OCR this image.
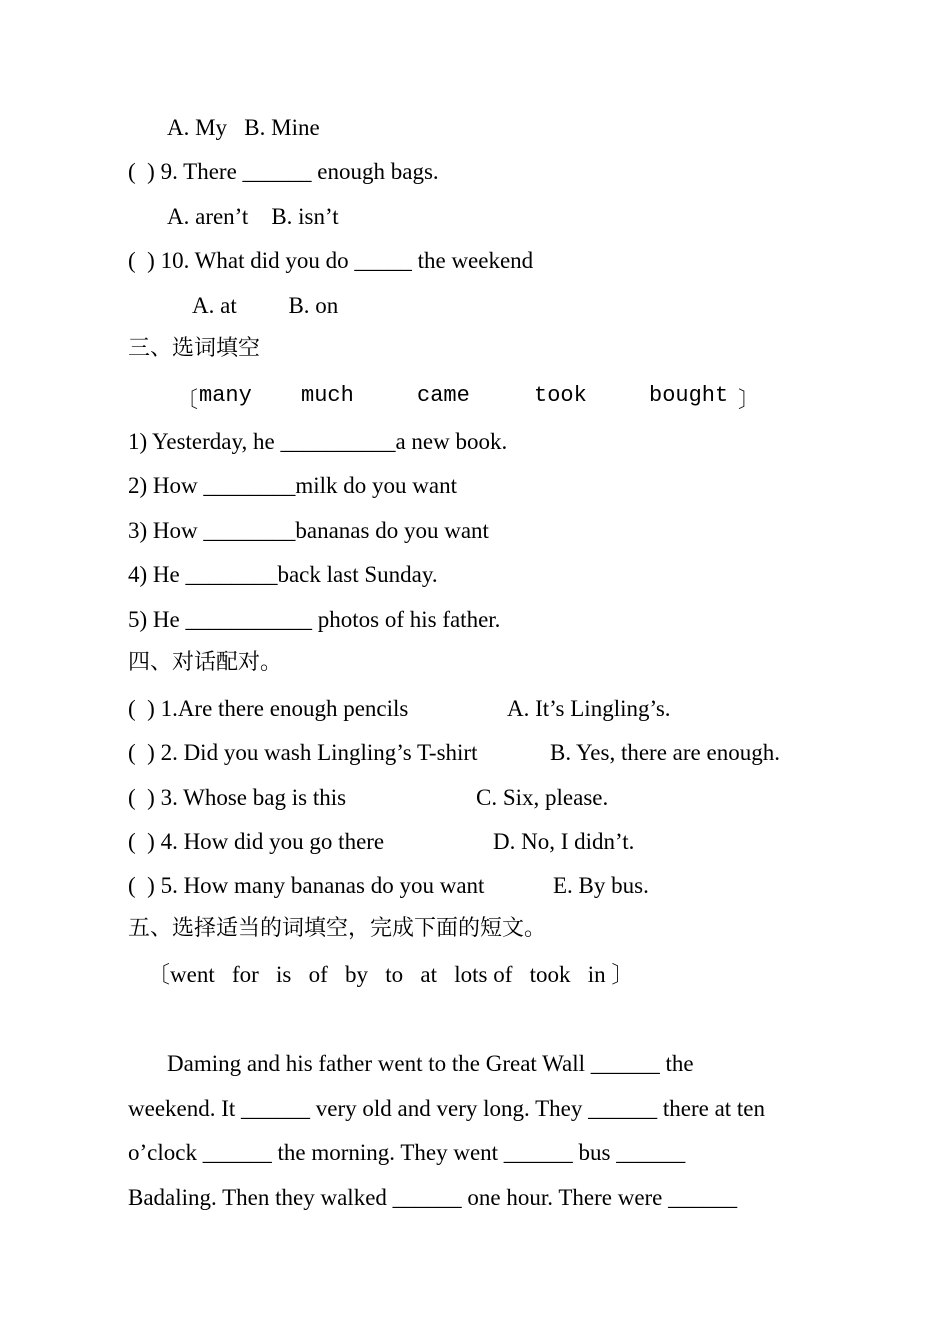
A. My   B. Mine
(  ) 9. There ______ enough bags.
A. aren’t    B. isn’t
(  ) 10. What did you do _____ the weekend
A. at         B. on
三、选词填空
〔 many much	came	took	bought 〕
1) Yesterday, he __________a new book.
2) How ________milk do you want
3) How ________bananas do you want
4) He ________back last Sunday.
5) He ___________ photos of his father.
四、对话配对。
(  ) 1.Are there enough pencils	A. It’s Lingling’s.
(  ) 2. Did you wash Lingling’s T-shirt	B. Yes, there are enough.
(  ) 3. Whose bag is this	C. Six, please.
(  ) 4. How did you go there	D. No, I didn’t.
(  ) 5. How many bananas do you want	E. By bus.
五、选择适当的词填空，完成下面的短文。
〔went   for   is   of   by   to   at   lots of   took   in 〕
Daming and his father went to the Great Wall ______ the
weekend. It ______ very old and very long. They ______ there at ten
o’clock ______ the morning. They went ______ bus ______
Badaling. Then they walked ______ one hour. There were ______
